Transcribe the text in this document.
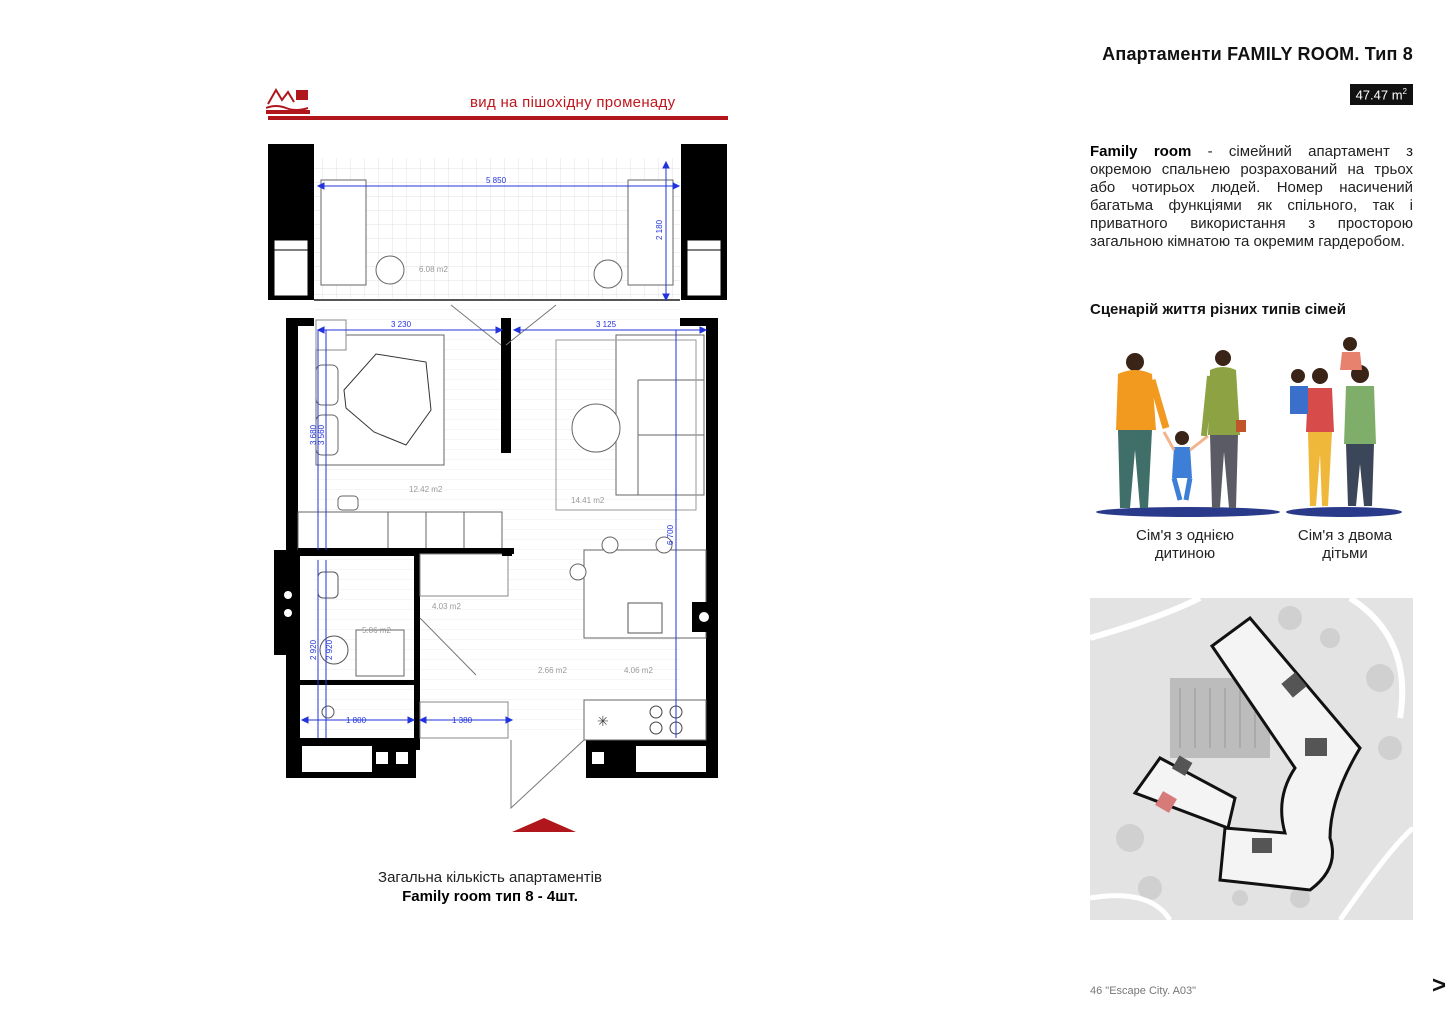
Апартаменти FAMILY ROOM. Тип 8
47.47 $m^2$
Family room - сімейний апартамент з окремою спальнею розрахований на трьох або чотирьох людей. Номер насичений багатьма функціями як спільного, так і приватного використання з просторою загальною кімнатою та окремим гардеробом.
Сценарій життя різних типів сімей
Сім'я з однією
дитиною
Сім'я з двома
дітьми
вид на пішохідну променаду
✳
5 850
2 180
3 230	3 125
3 680 3 560
6 700
2 920 2 920
1 800	1 380
6.08 m2
12.42 m2
14.41 m2
4.03 m2
5.06 m2
2.66 m2	4.06 m2
Загальна кількість апартаментів
Family room тип 8 - 4шт.
46 "Escape City. A03"	>
